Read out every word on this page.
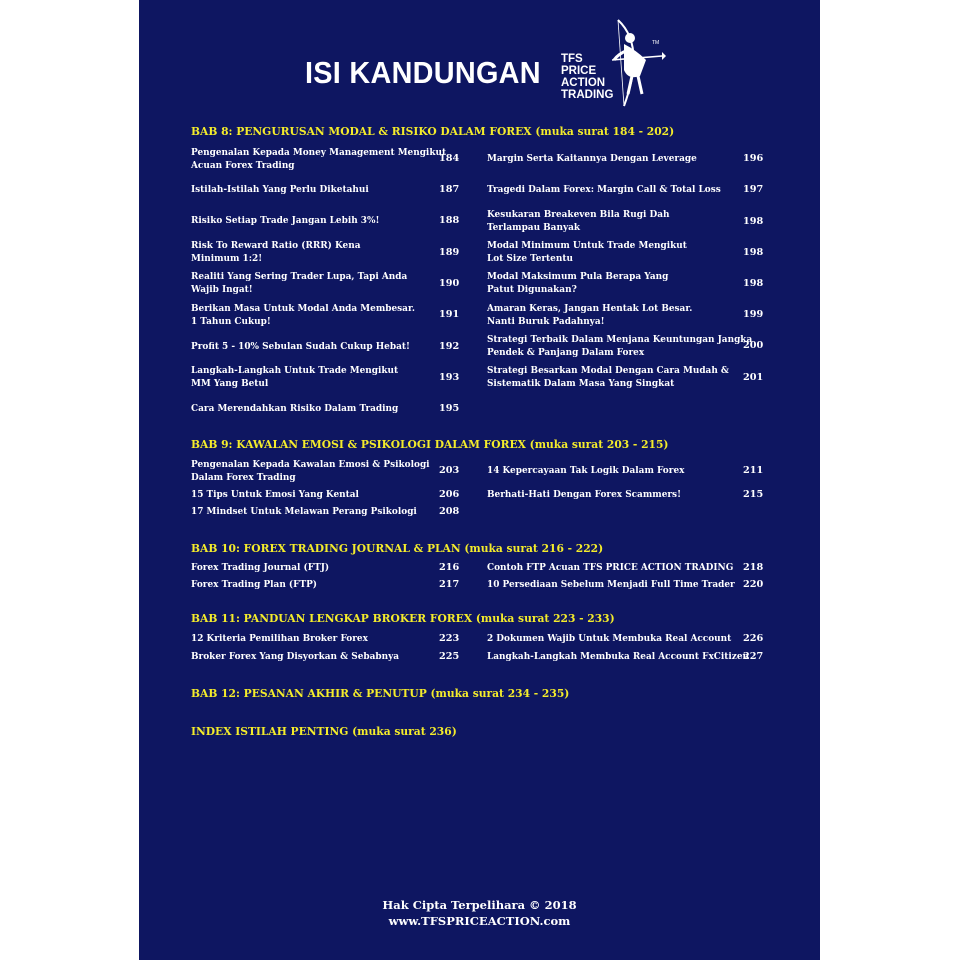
ISI KANDUNGAN TFS
PRICE
ACTION
TRADING
TM
BAB 8: PENGURUSAN MODAL & RISIKO DALAM FOREX (muka surat 184 - 202)
Pengenalan Kepada Money Management Mengikut
Acuan Forex Trading
184
Istilah-Istilah Yang Perlu Diketahui	187
Risiko Setiap Trade Jangan Lebih 3%!	188
Risk To Reward Ratio (RRR) Kena
Minimum 1:2!
189
Realiti Yang Sering Trader Lupa, Tapi Anda
Wajib Ingat!
190
Berikan Masa Untuk Modal Anda Membesar.
1 Tahun Cukup!
191
Profit 5 - 10% Sebulan Sudah Cukup Hebat!	192
Langkah-Langkah Untuk Trade Mengikut
MM Yang Betul
193
Cara Merendahkan Risiko Dalam Trading	195
Margin Serta Kaitannya Dengan Leverage	196
Tragedi Dalam Forex: Margin Call & Total Loss 197
Kesukaran Breakeven Bila Rugi Dah
Terlampau Banyak
198
Modal Minimum Untuk Trade Mengikut
Lot Size Tertentu
198
Modal Maksimum Pula Berapa Yang
Patut Digunakan?
198
Amaran Keras, Jangan Hentak Lot Besar.
Nanti Buruk Padahnya!
199
Strategi Terbaik Dalam Menjana Keuntungan Jangka
Pendek & Panjang Dalam Forex
200
Strategi Besarkan Modal Dengan Cara Mudah &
Sistematik Dalam Masa Yang Singkat
201
BAB 9: KAWALAN EMOSI & PSIKOLOGI DALAM FOREX (muka surat 203 - 215)
Pengenalan Kepada Kawalan Emosi & Psikologi
Dalam Forex Trading
203
15 Tips Untuk Emosi Yang Kental	206
17 Mindset Untuk Melawan Perang Psikologi	208
14 Kepercayaan Tak Logik Dalam Forex	211
Berhati-Hati Dengan Forex Scammers!	215
BAB 10: FOREX TRADING JOURNAL & PLAN (muka surat 216 - 222)
Forex Trading Journal (FTJ)	216
Forex Trading Plan (FTP)	217
Contoh FTP Acuan TFS PRICE ACTION TRADING 218
10 Persediaan Sebelum Menjadi Full Time Trader 220
BAB 11: PANDUAN LENGKAP BROKER FOREX (muka surat 223 - 233)
12 Kriteria Pemilihan Broker Forex	223
Broker Forex Yang Disyorkan & Sebabnya	225
2 Dokumen Wajib Untuk Membuka Real Account 226
Langkah-Langkah Membuka Real Account FxCitizen
227
BAB 12: PESANAN AKHIR & PENUTUP (muka surat 234 - 235)
INDEX ISTILAH PENTING (muka surat 236)
Hak Cipta Terpelihara © 2018
www.TFSPRICEACTION.com
